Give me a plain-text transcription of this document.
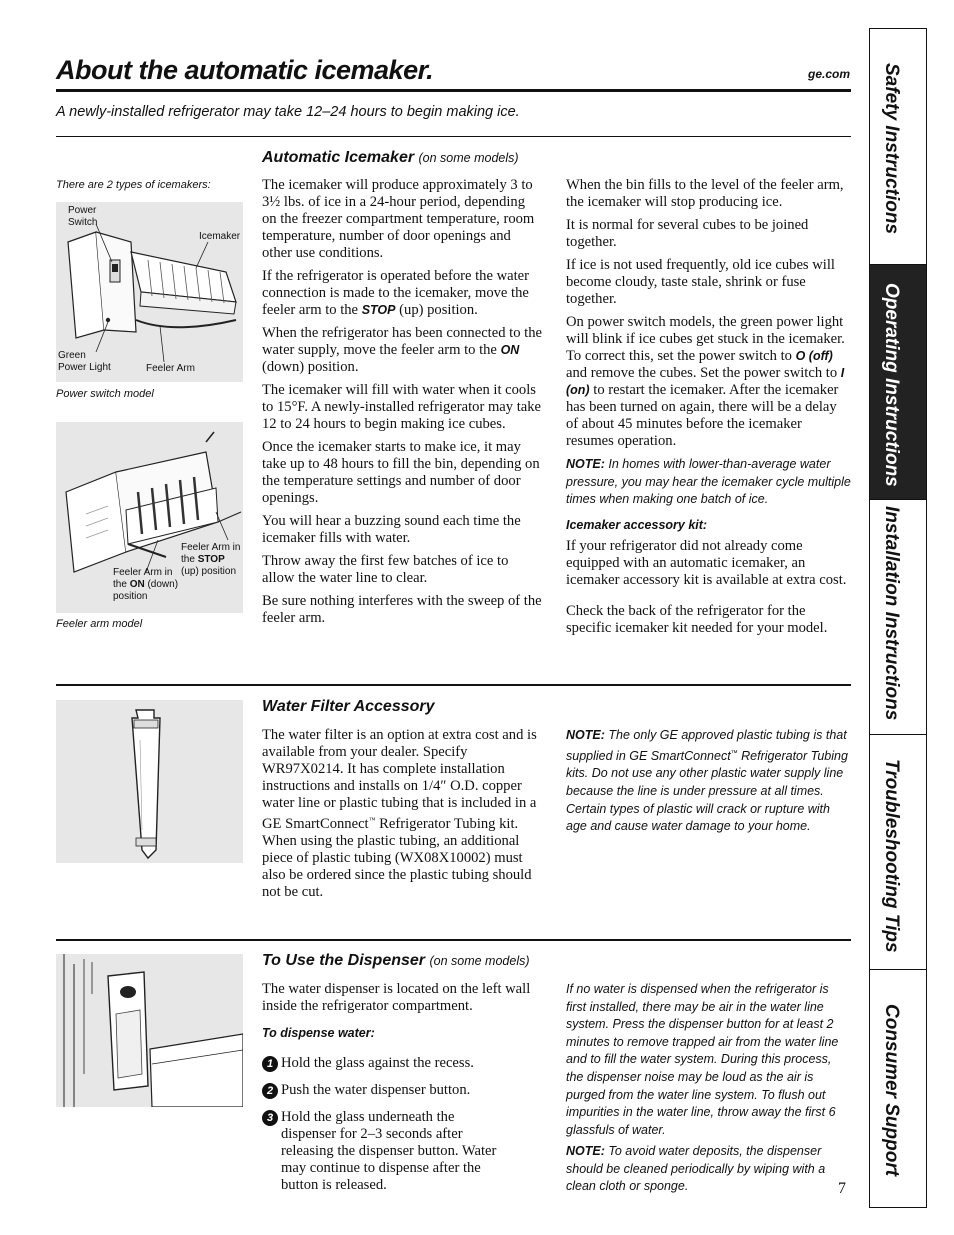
About the automatic icemaker.	ge.com
A newly-installed refrigerator may take 12–24 hours to begin making ice.	Safety Instructions
Operating Instructions
Installation Instructions
Troubleshooting Tips
Consumer Support
Automatic Icemaker (on some models)
There are 2 types of icemakers:
Power Switch
Icemaker
Green Power Light	Feeler Arm
Power switch model
Feeler Arm in the ON (down) position
Feeler Arm in the STOP (up) position
Feeler arm model

The icemaker will produce approximately 3 to 3½ lbs. of ice in a 24-hour period, depending on the freezer compartment temperature, room temperature, number of door openings and other use conditions.

If the refrigerator is operated before the water connection is made to the icemaker, move the feeler arm to the STOP (up) position.

When the refrigerator has been connected to the water supply, move the feeler arm to the ON (down) position.

The icemaker will fill with water when it cools to 15°F. A newly-installed refrigerator may take 12 to 24 hours to begin making ice cubes.

Once the icemaker starts to make ice, it may take up to 48 hours to fill the bin, depending on the temperature settings and number of door openings.

You will hear a buzzing sound each time the icemaker fills with water.

Throw away the first few batches of ice to allow the water line to clear.

Be sure nothing interferes with the sweep of the feeler arm.

When the bin fills to the level of the feeler arm, the icemaker will stop producing ice.

It is normal for several cubes to be joined together.

If ice is not used frequently, old ice cubes will become cloudy, taste stale, shrink or fuse together.

On power switch models, the green power light will blink if ice cubes get stuck in the icemaker. To correct this, set the power switch to O (off) and remove the cubes. Set the power switch to I (on) to restart the icemaker. After the icemaker has been turned on again, there will be a delay of about 45 minutes before the icemaker resumes operation.

NOTE: In homes with lower-than-average water pressure, you may hear the icemaker cycle multiple times when making one batch of ice.

Icemaker accessory kit:

If your refrigerator did not already come equipped with an automatic icemaker, an icemaker accessory kit is available at extra cost.

Check the back of the refrigerator for the specific icemaker kit needed for your model.

Water Filter Accessory

The water filter is an option at extra cost and is available from your dealer. Specify WR97X0214. It has complete installation instructions and installs on 1/4″ O.D. copper water line or plastic tubing that is included in a GE SmartConnect™ Refrigerator Tubing kit. When using the plastic tubing, an additional piece of plastic tubing (WX08X10002) must also be ordered since the plastic tubing should not be cut.

NOTE: The only GE approved plastic tubing is that supplied in GE SmartConnect™ Refrigerator Tubing kits. Do not use any other plastic water supply line because the line is under pressure at all times. Certain types of plastic will crack or rupture with age and cause water damage to your home.
To Use the Dispenser (on some models)

The water dispenser is located on the left wall inside the refrigerator compartment.

To dispense water:

1 Hold the glass against the recess.
2 Push the water dispenser button.
3 Hold the glass underneath the dispenser for 2–3 seconds after releasing the dispenser button. Water may continue to dispense after the button is released.
If no water is dispensed when the refrigerator is first installed, there may be air in the water line system. Press the dispenser button for at least 2 minutes to remove trapped air from the water line and to fill the water system. During this process, the dispenser noise may be loud as the air is purged from the water line system. To flush out impurities in the water line, throw away the first 6 glassfuls of water.
NOTE: To avoid water deposits, the dispenser should be cleaned periodically by wiping with a clean cloth or sponge.	7
